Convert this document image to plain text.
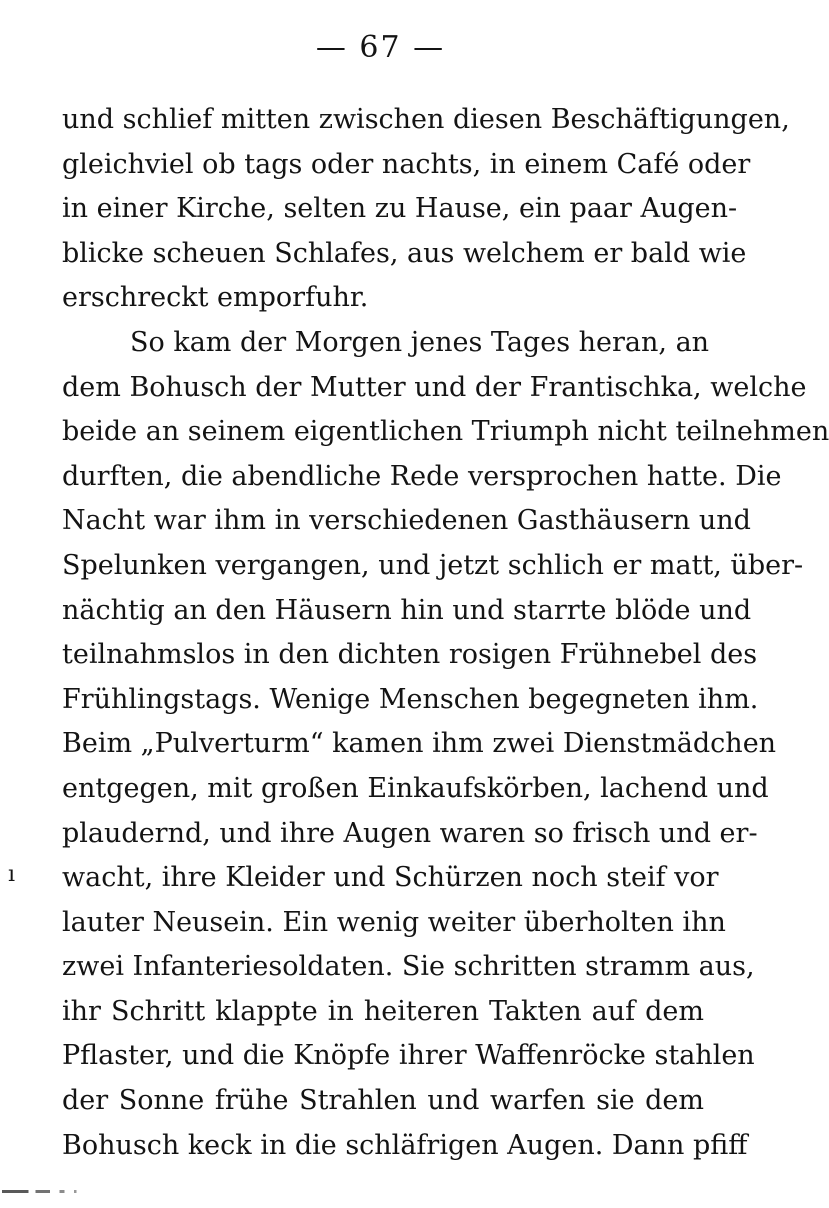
— 67 —
und schlief mitten zwischen diesen Beschäftigungen,
gleichviel ob tags oder nachts, in einem Café oder
in einer Kirche, selten zu Hause, ein paar Augen-
blicke scheuen Schlafes, aus welchem er bald wie
erschreckt emporfuhr.
So kam der Morgen jenes Tages heran, an
dem Bohusch der Mutter und der Frantischka, welche
beide an seinem eigentlichen Triumph nicht teilnehmen
durften, die abendliche Rede versprochen hatte. Die
Nacht war ihm in verschiedenen Gasthäusern und
Spelunken vergangen, und jetzt schlich er matt, über-
nächtig an den Häusern hin und starrte blöde und
teilnahmslos in den dichten rosigen Frühnebel des
Frühlingstags. Wenige Menschen begegneten ihm.
Beim „Pulverturm“ kamen ihm zwei Dienstmädchen
entgegen, mit großen Einkaufskörben, lachend und
plaudernd, und ihre Augen waren so frisch und er-
wacht, ihre Kleider und Schürzen noch steif vor
lauter Neusein. Ein wenig weiter überholten ihn
zwei Infanteriesoldaten. Sie schritten stramm aus,
ihr Schritt klappte in heiteren Takten auf dem
Pflaster, und die Knöpfe ihrer Waffenröcke stahlen
der Sonne frühe Strahlen und warfen sie dem
Bohusch keck in die schläfrigen Augen. Dann pfiff
ı
